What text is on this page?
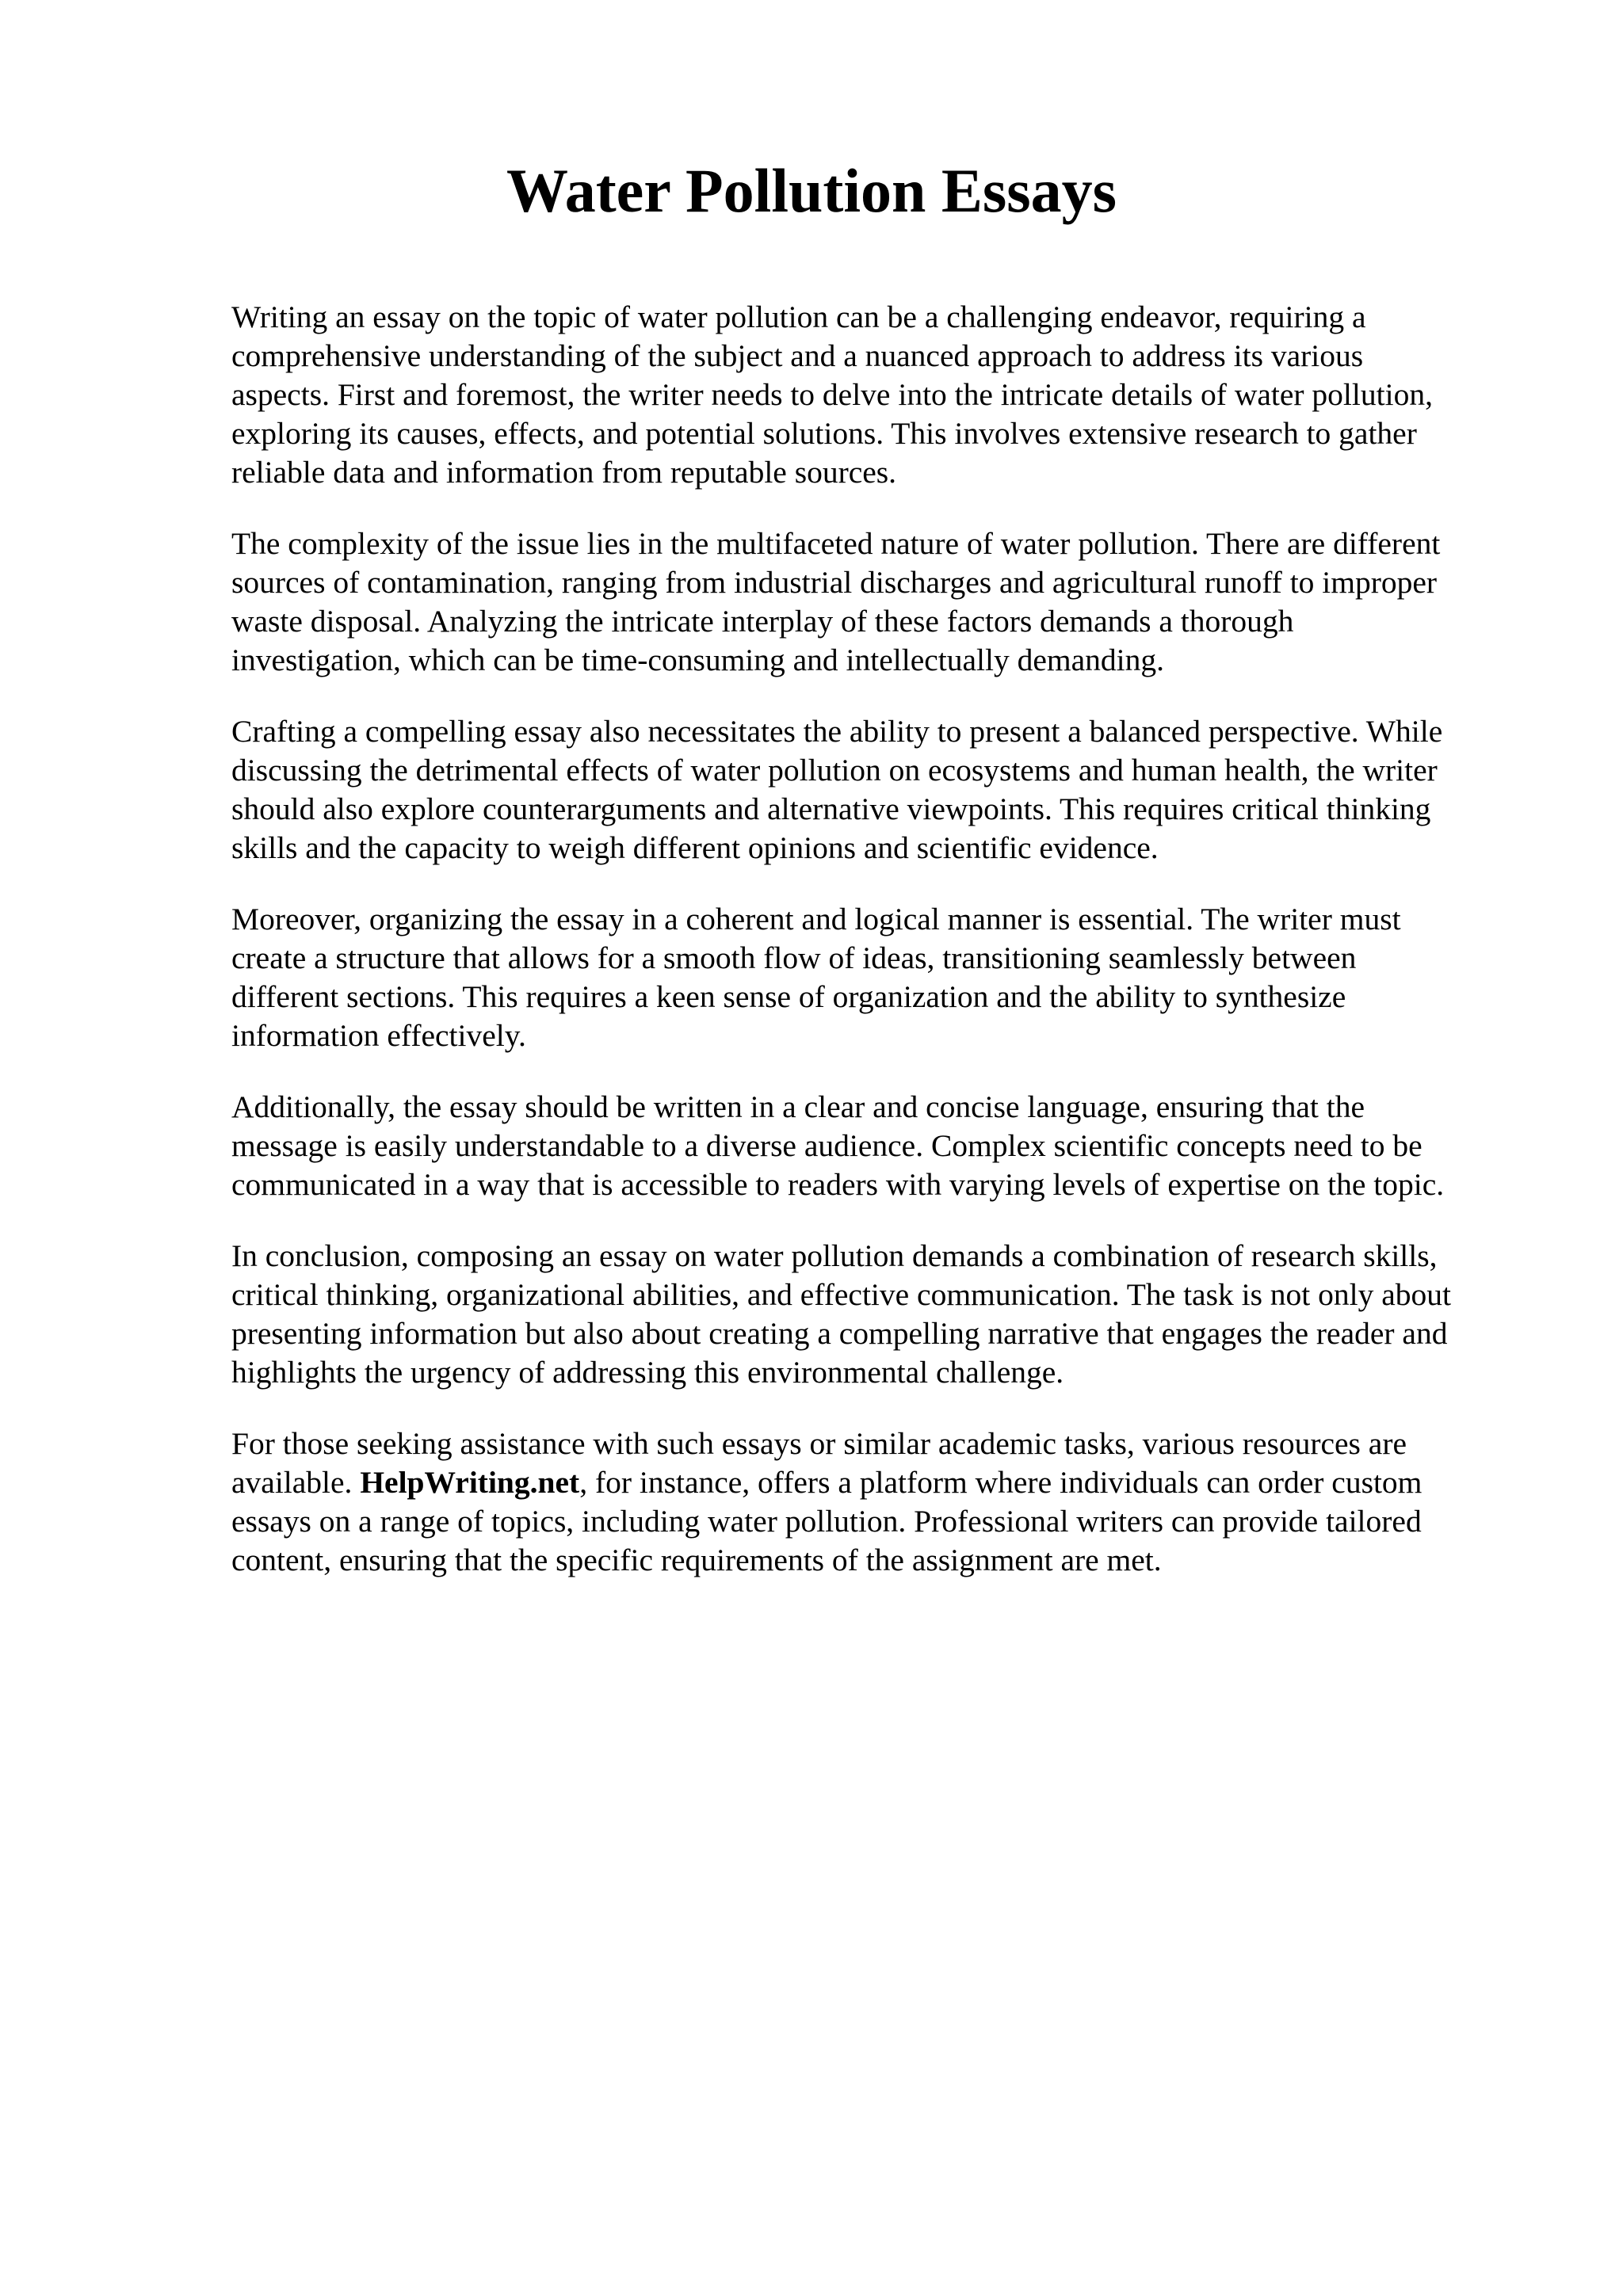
Water Pollution Essays

Writing an essay on the topic of water pollution can be a challenging endeavor, requiring a
comprehensive understanding of the subject and a nuanced approach to address its various
aspects. First and foremost, the writer needs to delve into the intricate details of water pollution,
exploring its causes, effects, and potential solutions. This involves extensive research to gather
reliable data and information from reputable sources.

The complexity of the issue lies in the multifaceted nature of water pollution. There are different
sources of contamination, ranging from industrial discharges and agricultural runoff to improper
waste disposal. Analyzing the intricate interplay of these factors demands a thorough
investigation, which can be time-consuming and intellectually demanding.

Crafting a compelling essay also necessitates the ability to present a balanced perspective. While
discussing the detrimental effects of water pollution on ecosystems and human health, the writer
should also explore counterarguments and alternative viewpoints. This requires critical thinking
skills and the capacity to weigh different opinions and scientific evidence.

Moreover, organizing the essay in a coherent and logical manner is essential. The writer must
create a structure that allows for a smooth flow of ideas, transitioning seamlessly between
different sections. This requires a keen sense of organization and the ability to synthesize
information effectively.

Additionally, the essay should be written in a clear and concise language, ensuring that the
message is easily understandable to a diverse audience. Complex scientific concepts need to be
communicated in a way that is accessible to readers with varying levels of expertise on the topic.

In conclusion, composing an essay on water pollution demands a combination of research skills,
critical thinking, organizational abilities, and effective communication. The task is not only about
presenting information but also about creating a compelling narrative that engages the reader and
highlights the urgency of addressing this environmental challenge.

For those seeking assistance with such essays or similar academic tasks, various resources are
available. HelpWriting.net, for instance, offers a platform where individuals can order custom
essays on a range of topics, including water pollution. Professional writers can provide tailored
content, ensuring that the specific requirements of the assignment are met.
